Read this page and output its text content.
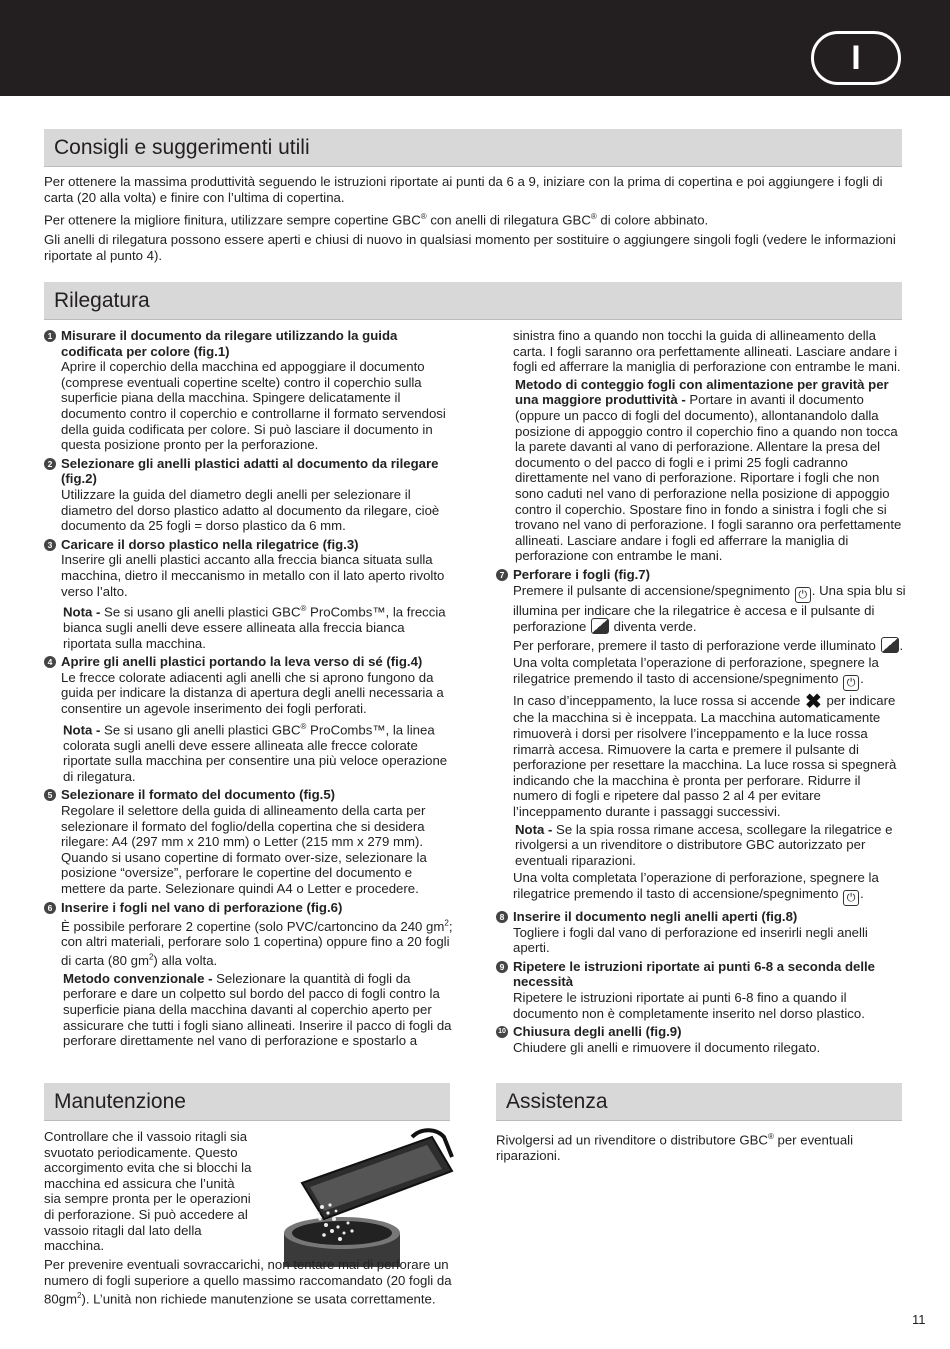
I
Consigli e suggerimenti utili

Per ottenere la massima produttività seguendo le istruzioni riportate ai punti da 6 a 9, iniziare con la prima di copertina e poi aggiungere i fogli di carta (20 alla volta) e finire con l’ultima di copertina.

Per ottenere la migliore finitura, utilizzare sempre copertine GBC® con anelli di rilegatura GBC® di colore abbinato.

Gli anelli di rilegatura possono essere aperti e chiusi di nuovo in qualsiasi momento per sostituire o aggiungere singoli fogli (vedere le informazioni riportate al punto 4).

Rilegatura
1 Misurare il documento da rilegare utilizzando la guida codificata per colore (fig.1)
Aprire il coperchio della macchina ed appoggiare il documento (comprese eventuali copertine scelte) contro il coperchio sulla superficie piana della macchina. Spingere delicatamente il documento contro il coperchio e controllarne il formato servendosi della guida codificata per colore. Si può lasciare il documento in questa posizione pronto per la perforazione.
2 Selezionare gli anelli plastici adatti al documento da rilegare (fig.2)
Utilizzare la guida del diametro degli anelli per selezionare il diametro del dorso plastico adatto al documento da rilegare, cioè documento da 25 fogli = dorso plastico da 6 mm.
3 Caricare il dorso plastico nella rilegatrice (fig.3)
Inserire gli anelli plastici accanto alla freccia bianca situata sulla macchina, dietro il meccanismo in metallo con il lato aperto rivolto verso l’alto.
Nota - Se si usano gli anelli plastici GBC® ProCombs™, la freccia bianca sugli anelli deve essere allineata alla freccia bianca riportata sulla macchina.
4 Aprire gli anelli plastici portando la leva verso di sé (fig.4)
Le frecce colorate adiacenti agli anelli che si aprono fungono da guida per indicare la distanza di apertura degli anelli necessaria a consentire un agevole inserimento dei fogli perforati.
Nota - Se si usano gli anelli plastici GBC® ProCombs™, la linea colorata sugli anelli deve essere allineata alle frecce colorate riportate sulla macchina per consentire una più veloce operazione di rilegatura.
5 Selezionare il formato del documento (fig.5)
Regolare il selettore della guida di allineamento della carta per selezionare il formato del foglio/della copertina che si desidera rilegare: A4 (297 mm x 210 mm) o Letter (215 mm x 279 mm). Quando si usano copertine di formato over-size, selezionare la posizione “oversize”, perforare le copertine del documento e mettere da parte. Selezionare quindi A4 o Letter e procedere.
6 Inserire i fogli nel vano di perforazione (fig.6)
È possibile perforare 2 copertine (solo PVC/cartoncino da 240 $gm^2$; con altri materiali, perforare solo 1 copertina) oppure fino a 20 fogli di carta (80 $gm^2$) alla volta.
Metodo convenzionale - Selezionare la quantità di fogli da perforare e dare un colpetto sul bordo del pacco di fogli contro la superficie piana della macchina davanti al coperchio aperto per assicurare che tutti i fogli siano allineati. Inserire il pacco di fogli da perforare direttamente nel vano di perforazione e spostarlo a
sinistra fino a quando non tocchi la guida di allineamento della carta. I fogli saranno ora perfettamente allineati. Lasciare andare i fogli ed afferrare la maniglia di perforazione con entrambe le mani.
Metodo di conteggio fogli con alimentazione per gravità per una maggiore produttività - Portare in avanti il documento (oppure un pacco di fogli del documento), allontanandolo dalla posizione di appoggio contro il coperchio fino a quando non tocca la parete davanti al vano di perforazione. Allentare la presa del documento o del pacco di fogli e i primi 25 fogli cadranno direttamente nel vano di perforazione. Riportare i fogli che non sono caduti nel vano di perforazione nella posizione di appoggio contro il coperchio. Spostare fino in fondo a sinistra i fogli che si trovano nel vano di perforazione. I fogli saranno ora perfettamente allineati. Lasciare andare i fogli ed afferrare la maniglia di perforazione con entrambe le mani.
7 Perforare i fogli (fig.7)
Premere il pulsante di accensione/spegnimento ⏻ . Una spia blu si illumina per indicare che la rilegatrice è accesa e il pulsante di perforazione  diventa verde.
Per perforare, premere il tasto di perforazione verde illuminato .
Una volta completata l’operazione di perforazione, spegnere la rilegatrice premendo il tasto di accensione/spegnimento ⏻ .
In caso d’inceppamento, la luce rossa si accende ✖ per indicare che la macchina si è inceppata. La macchina automaticamente rimuoverà i dorsi per risolvere l’inceppamento e la luce rossa rimarrà accesa. Rimuovere la carta e premere il pulsante di perforazione per resettare la macchina. La luce rossa si spegnerà indicando che la macchina è pronta per perforare. Ridurre il numero di fogli e ripetere dal passo 2 al 4 per evitare l’inceppamento durante i passaggi successivi.
Nota - Se la spia rossa rimane accesa, scollegare la rilegatrice e rivolgersi a un rivenditore o distributore GBC autorizzato per eventuali riparazioni.
Una volta completata l’operazione di perforazione, spegnere la rilegatrice premendo il tasto di accensione/spegnimento ⏻ .
8 Inserire il documento negli anelli aperti (fig.8)
Togliere i fogli dal vano di perforazione ed inserirli negli anelli aperti.
9 Ripetere le istruzioni riportate ai punti 6-8 a seconda delle necessità
Ripetere le istruzioni riportate ai punti 6-8 fino a quando il documento non è completamente inserito nel dorso plastico.
10 Chiusura degli anelli (fig.9)
Chiudere gli anelli e rimuovere il documento rilegato.
Manutenzione	Assistenza
Controllare che il vassoio ritagli sia svuotato periodicamente. Questo accorgimento evita che si blocchi la macchina ed assicura che l’unità sia sempre pronta per le operazioni di perforazione. Si può accedere al vassoio ritagli dal lato della macchina.
Per prevenire eventuali sovraccarichi, non tentare mai di perforare un numero di fogli superiore a quello massimo raccomandato (20 fogli da $80gm^2$). L’unità non richiede manutenzione se usata correttamente.
Rivolgersi ad un rivenditore o distributore GBC® per eventuali riparazioni.
11
